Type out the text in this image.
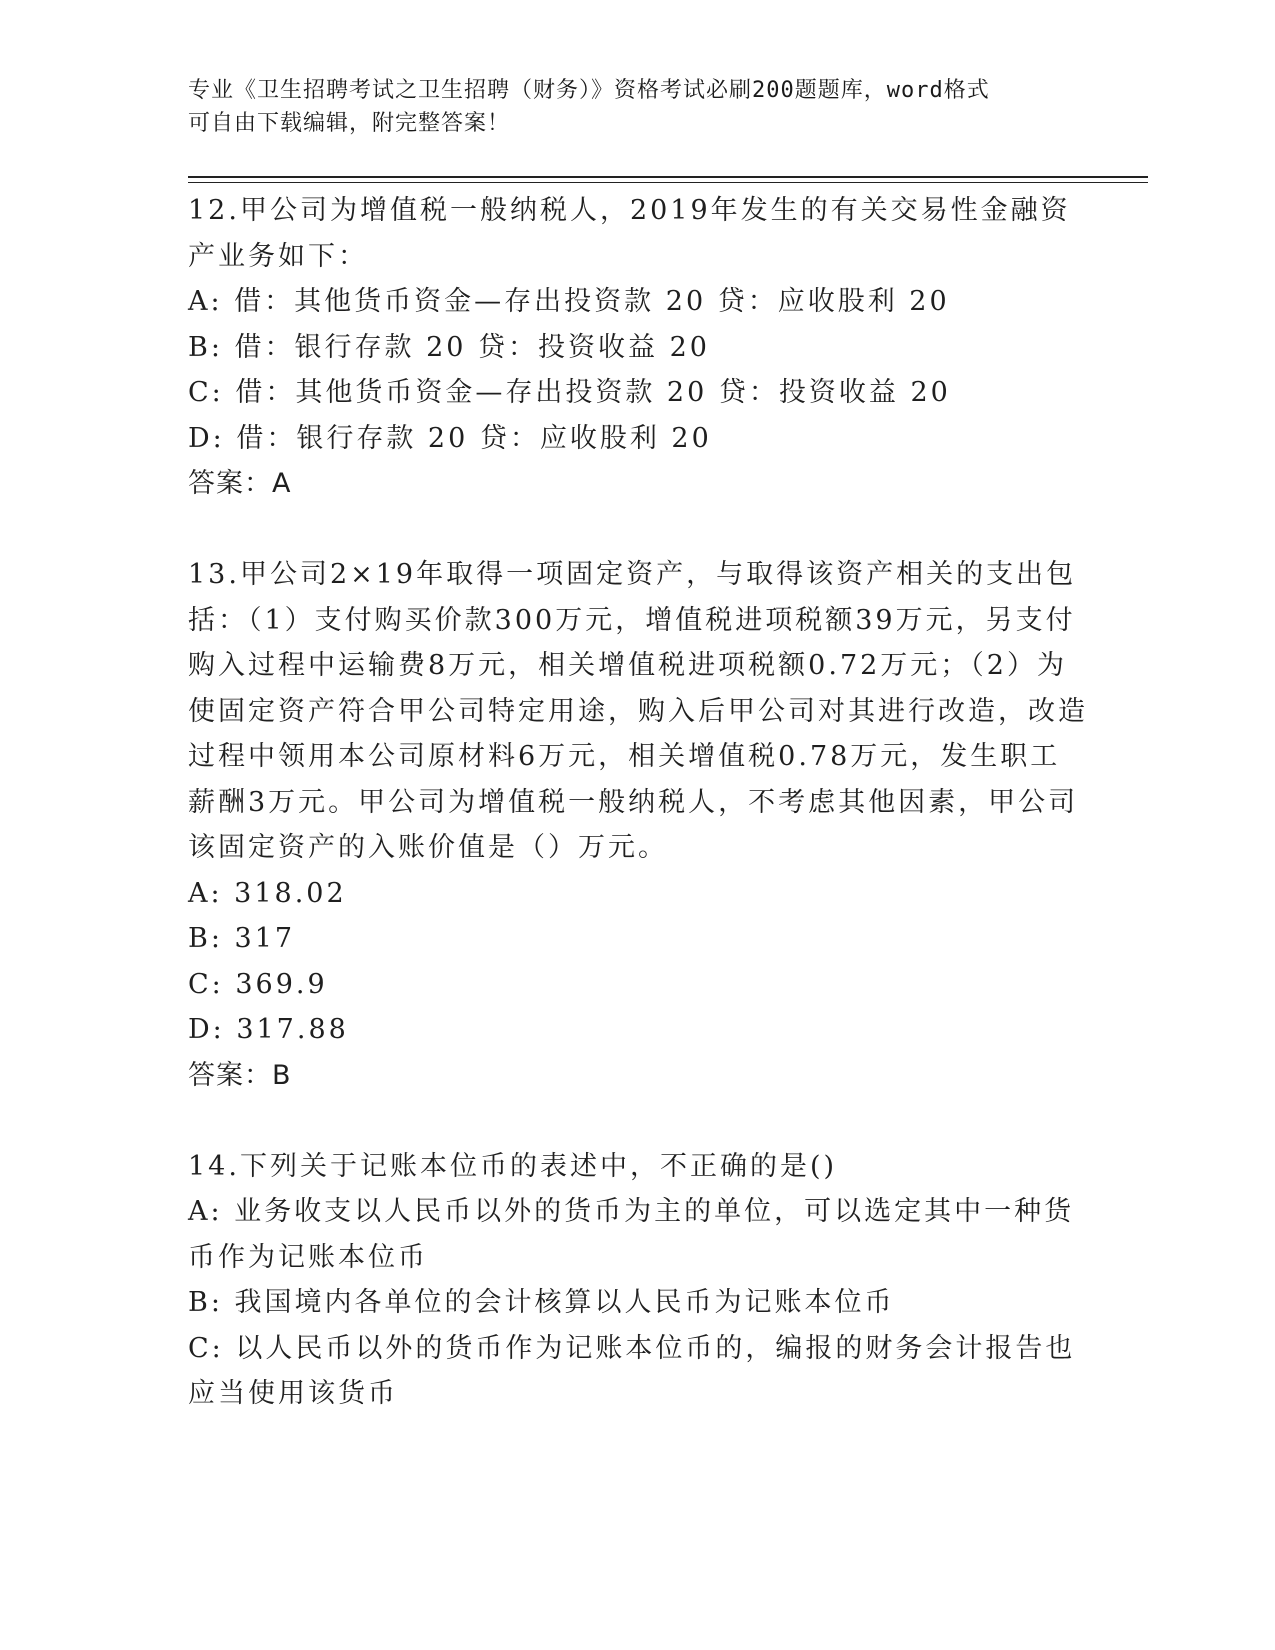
专业《卫生招聘考试之卫生招聘（财务）》资格考试必刷200题题库，word格式
可自由下载编辑，附完整答案！

12.甲公司为增值税一般纳税人，2019年发生的有关交易性金融资产业务如下：

A: 借：其他货币资金—存出投资款 20 贷：应收股利 20

B: 借：银行存款 20 贷：投资收益 20

C: 借：其他货币资金—存出投资款 20 贷：投资收益 20

D: 借：银行存款 20 贷：应收股利 20

答案：A

13.甲公司2×19年取得一项固定资产，与取得该资产相关的支出包括：（1）支付购买价款300万元，增值税进项税额39万元，另支付购入过程中运输费8万元，相关增值税进项税额0.72万元；（2）为使固定资产符合甲公司特定用途，购入后甲公司对其进行改造，改造过程中领用本公司原材料6万元，相关增值税0.78万元，发生职工薪酬3万元。甲公司为增值税一般纳税人，不考虑其他因素，甲公司该固定资产的入账价值是（）万元。

A: 318.02

B: 317

C: 369.9

D: 317.88

答案：B

14.下列关于记账本位币的表述中，不正确的是()

A: 业务收支以人民币以外的货币为主的单位，可以选定其中一种货币作为记账本位币

B: 我国境内各单位的会计核算以人民币为记账本位币

C: 以人民币以外的货币作为记账本位币的，编报的财务会计报告也应当使用该货币
